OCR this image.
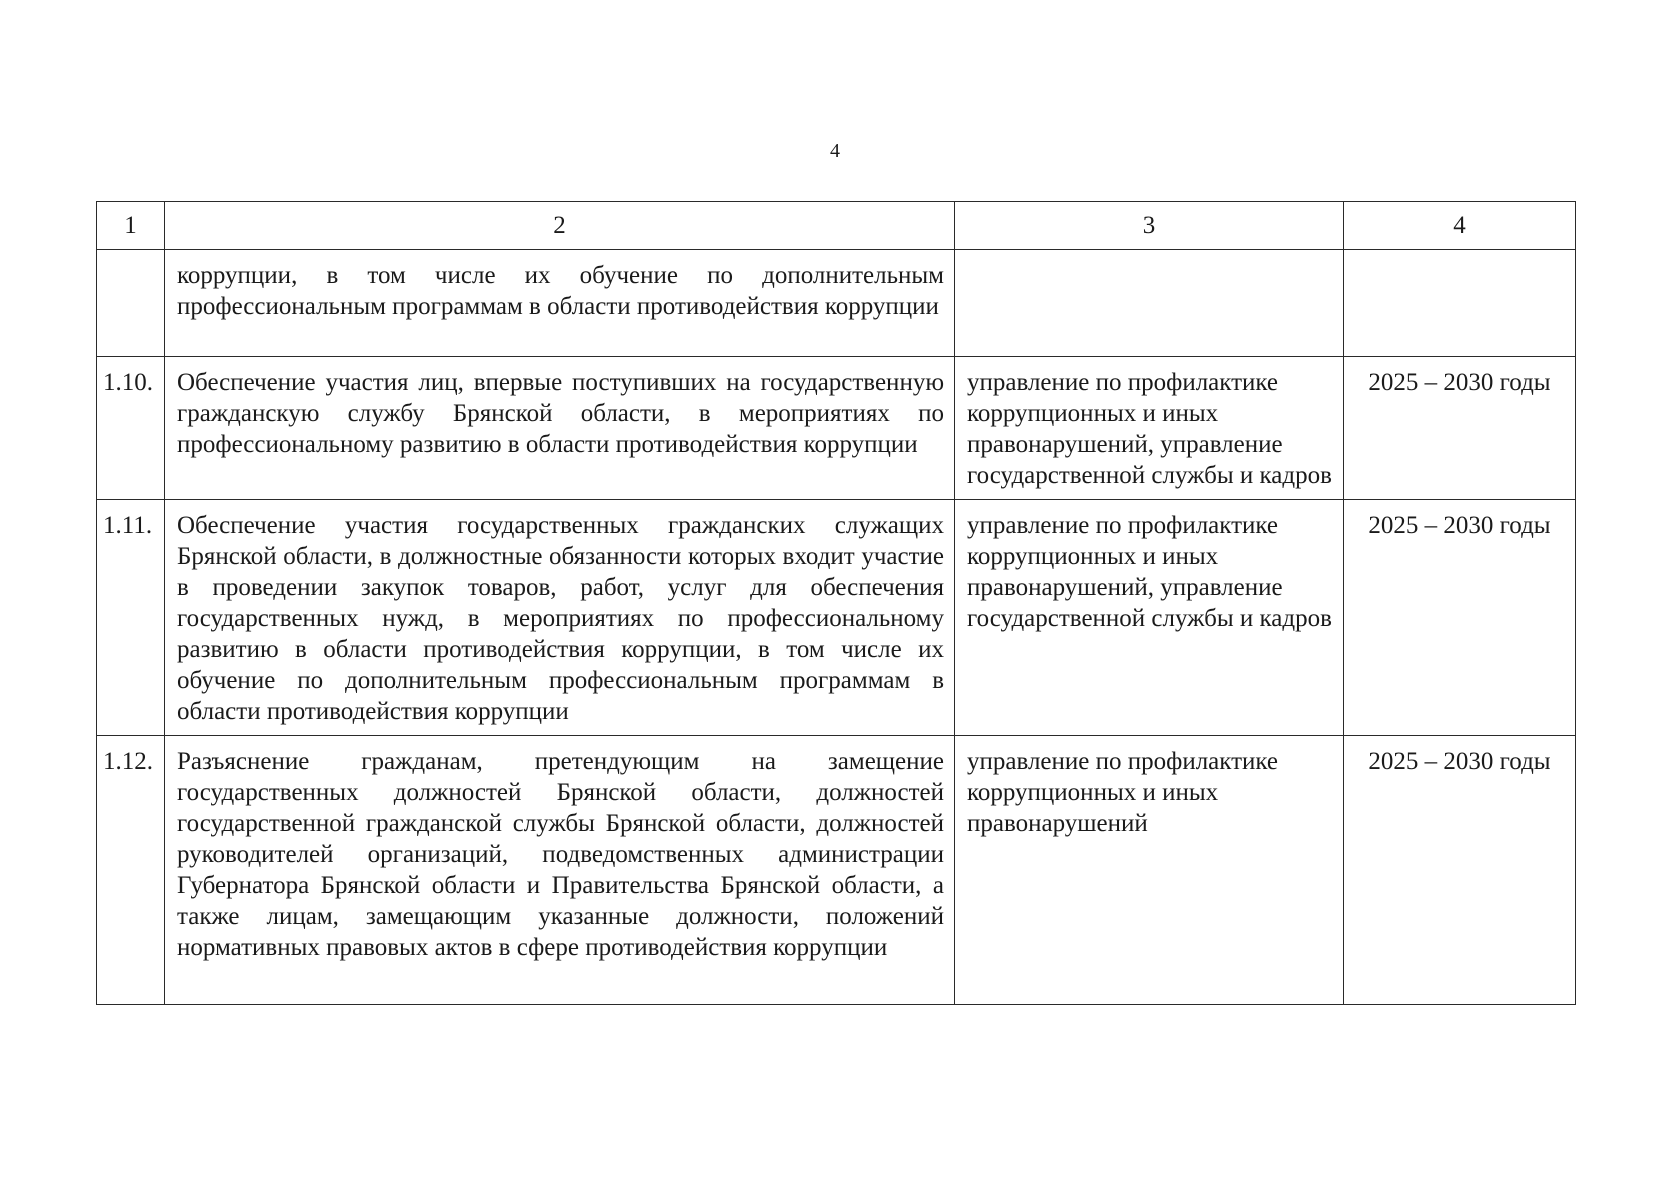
4
1	2	3	4
	коррупции, в том числе их обучение по дополнительным профессиональным программам в области противодействия коррупции		
1.10.	Обеспечение участия лиц, впервые поступивших на государственную гражданскую службу Брянской области, в мероприятиях по профессиональному развитию в области противодействия коррупции	управление по профилактике коррупционных и иных правонарушений, управление государственной службы и кадров	2025 – 2030 годы
1.11.	Обеспечение участия государственных гражданских служащих Брянской области, в должностные обязанности которых входит участие в проведении закупок товаров, работ, услуг для обеспечения государственных нужд, в мероприятиях по профессиональному развитию в области противодействия коррупции, в том числе их обучение по дополнительным профессиональным программам в области противодействия коррупции	управление по профилактике коррупционных и иных правонарушений, управление государственной службы и кадров	2025 – 2030 годы
1.12.	Разъяснение гражданам, претендующим на замещение государственных должностей Брянской области, должностей государственной гражданской службы Брянской области, должностей руководителей организаций, подведомственных администрации Губернатора Брянской области и Правительства Брянской области, а также лицам, замещающим указанные должности, положений нормативных правовых актов в сфере противодействия коррупции	управление по профилактике коррупционных и иных правонарушений	2025 – 2030 годы
